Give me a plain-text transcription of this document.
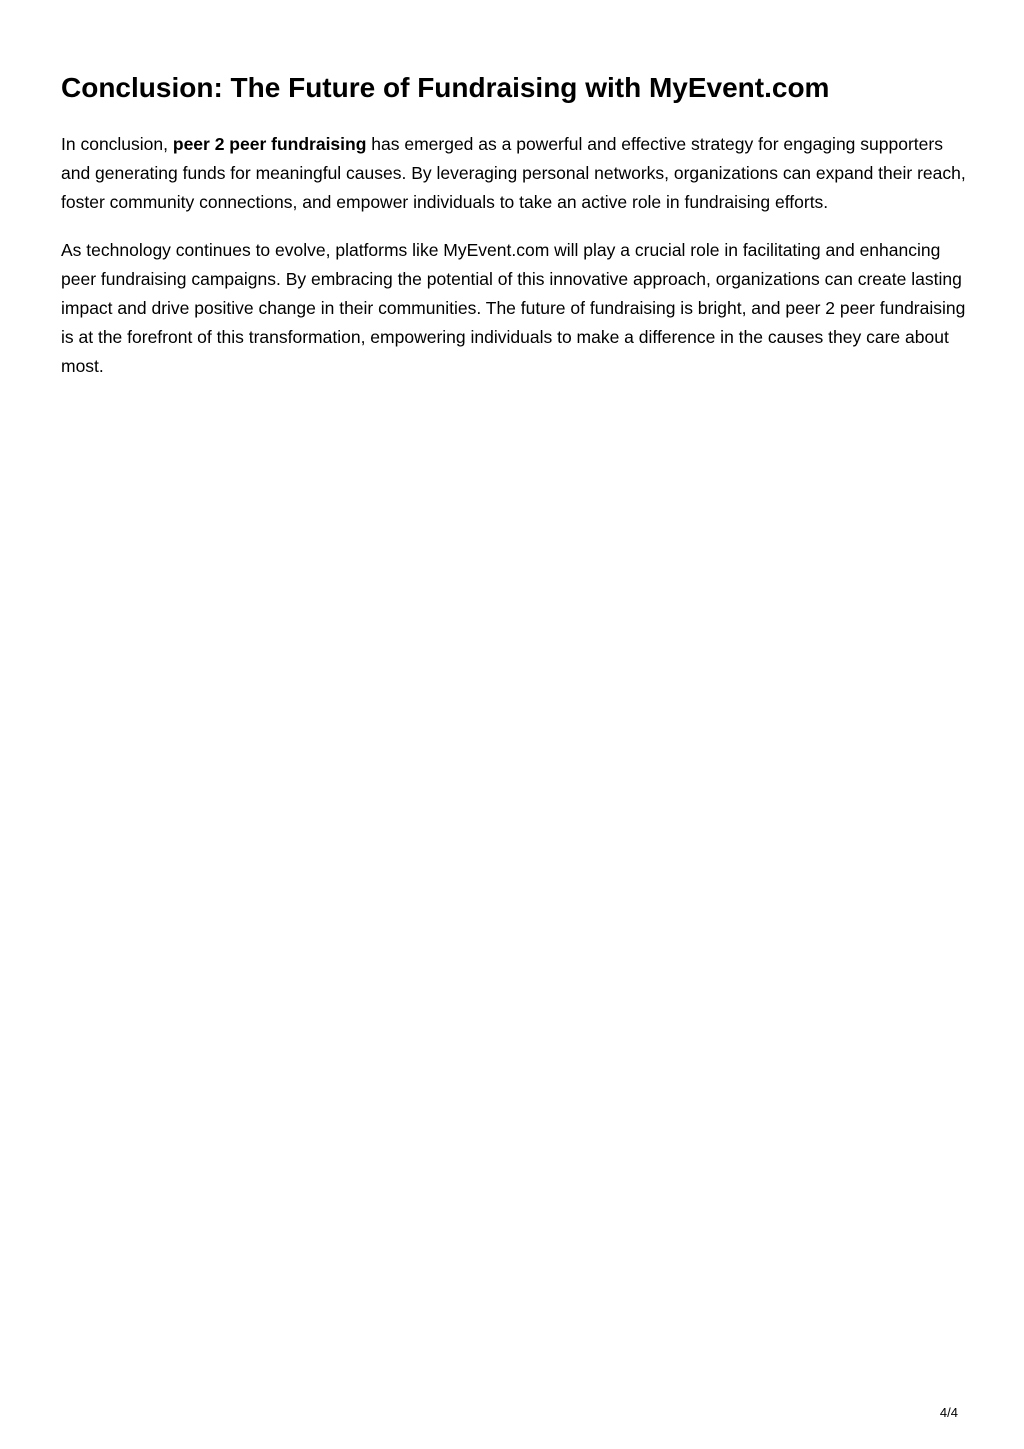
Conclusion: The Future of Fundraising with MyEvent.com

In conclusion, peer 2 peer fundraising has emerged as a powerful and effective strategy for engaging supporters and generating funds for meaningful causes. By leveraging personal networks, organizations can expand their reach, foster community connections, and empower individuals to take an active role in fundraising efforts.

As technology continues to evolve, platforms like MyEvent.com will play a crucial role in facilitating and enhancing peer fundraising campaigns. By embracing the potential of this innovative approach, organizations can create lasting impact and drive positive change in their communities. The future of fundraising is bright, and peer 2 peer fundraising is at the forefront of this transformation, empowering individuals to make a difference in the causes they care about most.

4/4
